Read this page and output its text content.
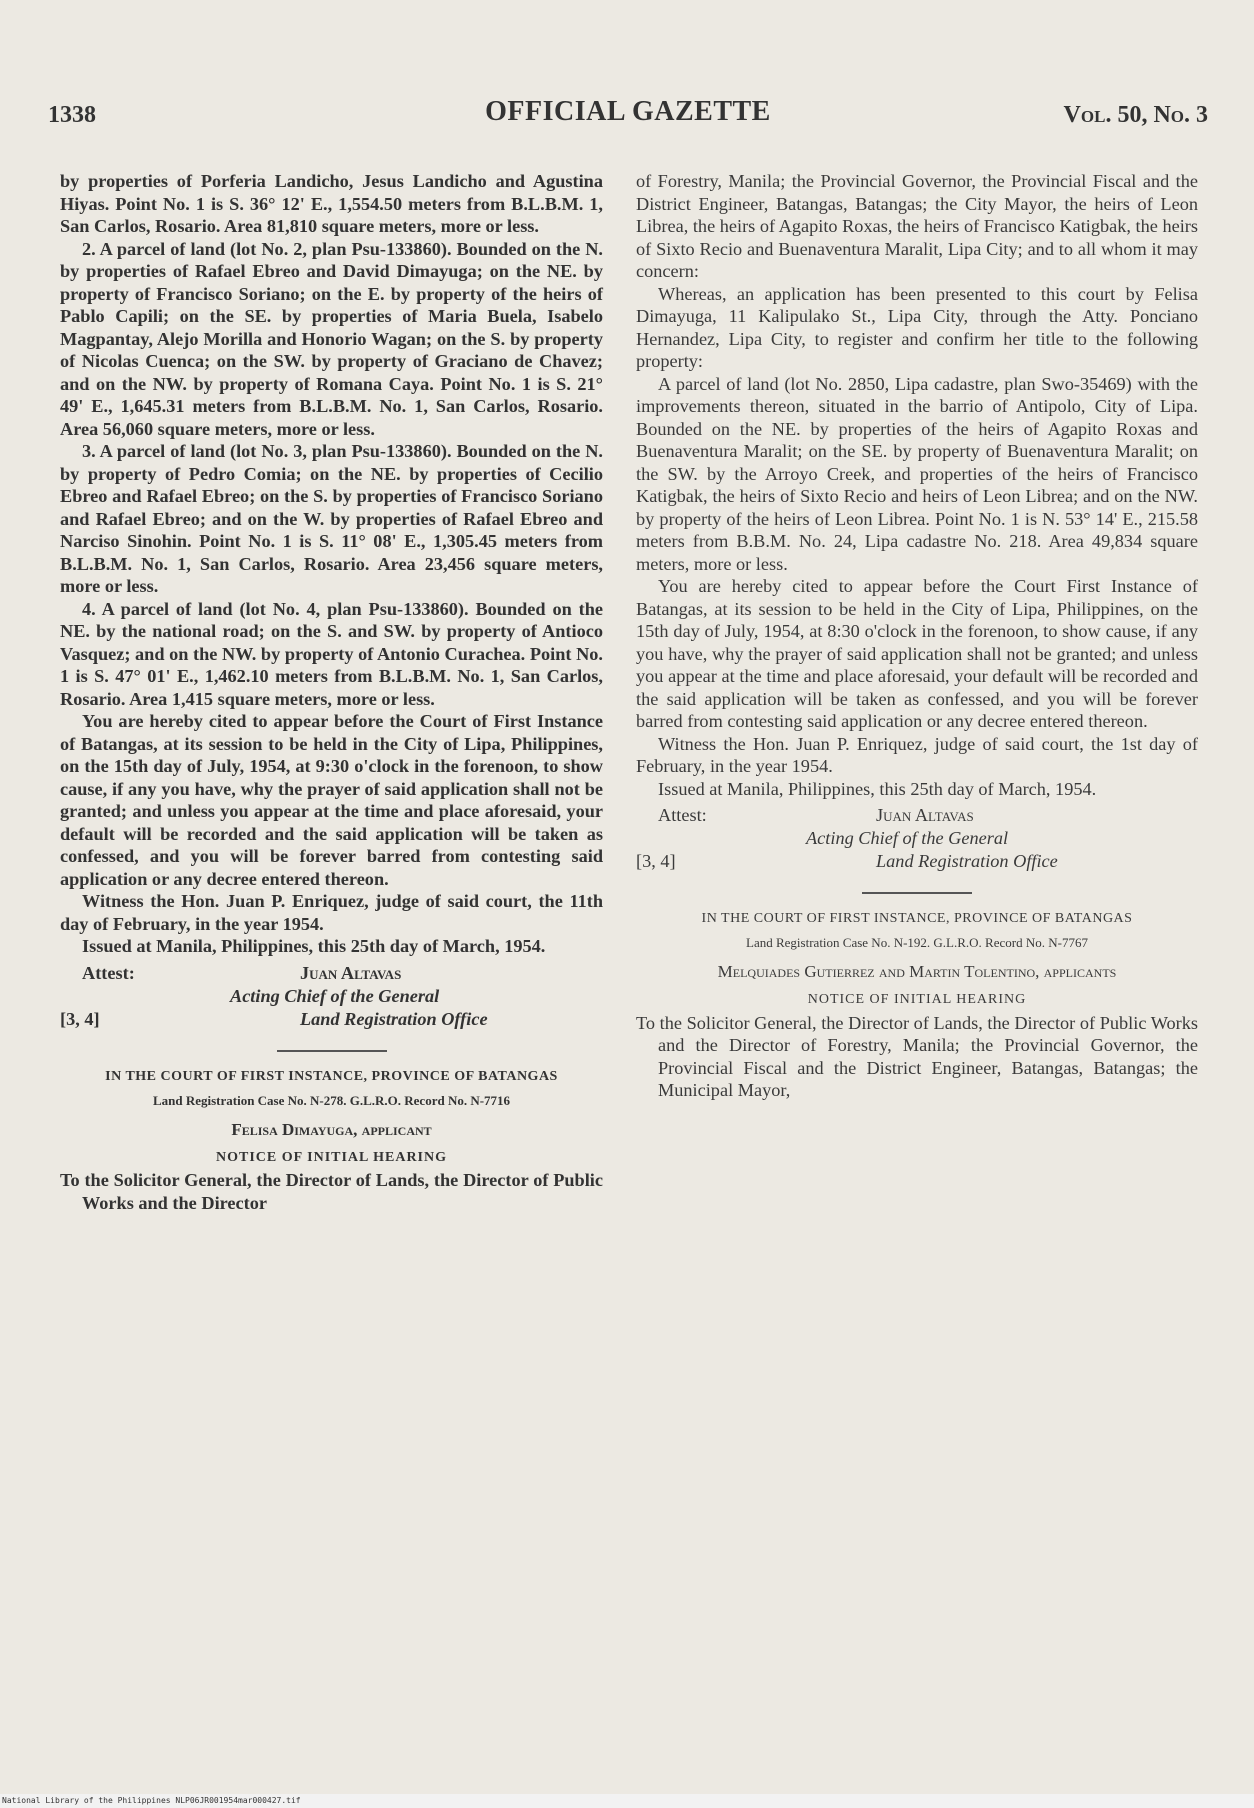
1338	OFFICIAL GAZETTE	Vol. 50, No. 3

by properties of Porferia Landicho, Jesus Landicho and Agustina Hiyas. Point No. 1 is S. 36° 12' E., 1,554.50 meters from B.L.B.M. 1, San Carlos, Rosario. Area 81,810 square meters, more or less.

2. A parcel of land (lot No. 2, plan Psu-133860). Bounded on the N. by properties of Rafael Ebreo and David Dimayuga; on the NE. by property of Francisco Soriano; on the E. by property of the heirs of Pablo Capili; on the SE. by properties of Maria Buela, Isabelo Magpantay, Alejo Morilla and Honorio Wagan; on the S. by property of Nicolas Cuenca; on the SW. by property of Graciano de Chavez; and on the NW. by property of Romana Caya. Point No. 1 is S. 21° 49' E., 1,645.31 meters from B.L.B.M. No. 1, San Carlos, Rosario. Area 56,060 square meters, more or less.

3. A parcel of land (lot No. 3, plan Psu-133860). Bounded on the N. by property of Pedro Comia; on the NE. by properties of Cecilio Ebreo and Rafael Ebreo; on the S. by properties of Francisco Soriano and Rafael Ebreo; and on the W. by properties of Rafael Ebreo and Narciso Sinohin. Point No. 1 is S. 11° 08' E., 1,305.45 meters from B.L.B.M. No. 1, San Carlos, Rosario. Area 23,456 square meters, more or less.

4. A parcel of land (lot No. 4, plan Psu-133860). Bounded on the NE. by the national road; on the S. and SW. by property of Antioco Vasquez; and on the NW. by property of Antonio Curachea. Point No. 1 is S. 47° 01' E., 1,462.10 meters from B.L.B.M. No. 1, San Carlos, Rosario. Area 1,415 square meters, more or less.

You are hereby cited to appear before the Court of First Instance of Batangas, at its session to be held in the City of Lipa, Philippines, on the 15th day of July, 1954, at 9:30 o'clock in the forenoon, to show cause, if any you have, why the prayer of said application shall not be granted; and unless you appear at the time and place aforesaid, your default will be recorded and the said application will be taken as confessed, and you will be forever barred from contesting said application or any decree entered thereon.

Witness the Hon. Juan P. Enriquez, judge of said court, the 11th day of February, in the year 1954.

Issued at Manila, Philippines, this 25th day of March, 1954.

Attest:	Juan Altavas
Acting Chief of the General
[3, 4]	Land Registration Office
IN THE COURT OF FIRST INSTANCE, PROVINCE OF BATANGAS
Land Registration Case No. N-278. G.L.R.O. Record No. N-7716
Felisa Dimayuga, applicant
NOTICE OF INITIAL HEARING

To the Solicitor General, the Director of Lands, the Director of Public Works and the Director

of Forestry, Manila; the Provincial Governor, the Provincial Fiscal and the District Engineer, Batangas, Batangas; the City Mayor, the heirs of Leon Librea, the heirs of Agapito Roxas, the heirs of Francisco Katigbak, the heirs of Sixto Recio and Buenaventura Maralit, Lipa City; and to all whom it may concern:

Whereas, an application has been presented to this court by Felisa Dimayuga, 11 Kalipulako St., Lipa City, through the Atty. Ponciano Hernandez, Lipa City, to register and confirm her title to the following property:

A parcel of land (lot No. 2850, Lipa cadastre, plan Swo-35469) with the improvements thereon, situated in the barrio of Antipolo, City of Lipa. Bounded on the NE. by properties of the heirs of Agapito Roxas and Buenaventura Maralit; on the SE. by property of Buenaventura Maralit; on the SW. by the Arroyo Creek, and properties of the heirs of Francisco Katigbak, the heirs of Sixto Recio and heirs of Leon Librea; and on the NW. by property of the heirs of Leon Librea. Point No. 1 is N. 53° 14' E., 215.58 meters from B.B.M. No. 24, Lipa cadastre No. 218. Area 49,834 square meters, more or less.

You are hereby cited to appear before the Court First Instance of Batangas, at its session to be held in the City of Lipa, Philippines, on the 15th day of July, 1954, at 8:30 o'clock in the forenoon, to show cause, if any you have, why the prayer of said application shall not be granted; and unless you appear at the time and place aforesaid, your default will be recorded and the said application will be taken as confessed, and you will be forever barred from contesting said application or any decree entered thereon.

Witness the Hon. Juan P. Enriquez, judge of said court, the 1st day of February, in the year 1954.

Issued at Manila, Philippines, this 25th day of March, 1954.

Attest:	Juan Altavas
Acting Chief of the General
[3, 4]	Land Registration Office
IN THE COURT OF FIRST INSTANCE, PROVINCE OF BATANGAS
Land Registration Case No. N-192. G.L.R.O. Record No. N-7767
Melquiades Gutierrez and Martin Tolentino, applicants
NOTICE OF INITIAL HEARING

To the Solicitor General, the Director of Lands, the Director of Public Works and the Director of Forestry, Manila; the Provincial Governor, the Provincial Fiscal and the District Engineer, Batangas, Batangas; the Municipal Mayor,

National Library of the Philippines NLP06JR001954mar000427.tif
